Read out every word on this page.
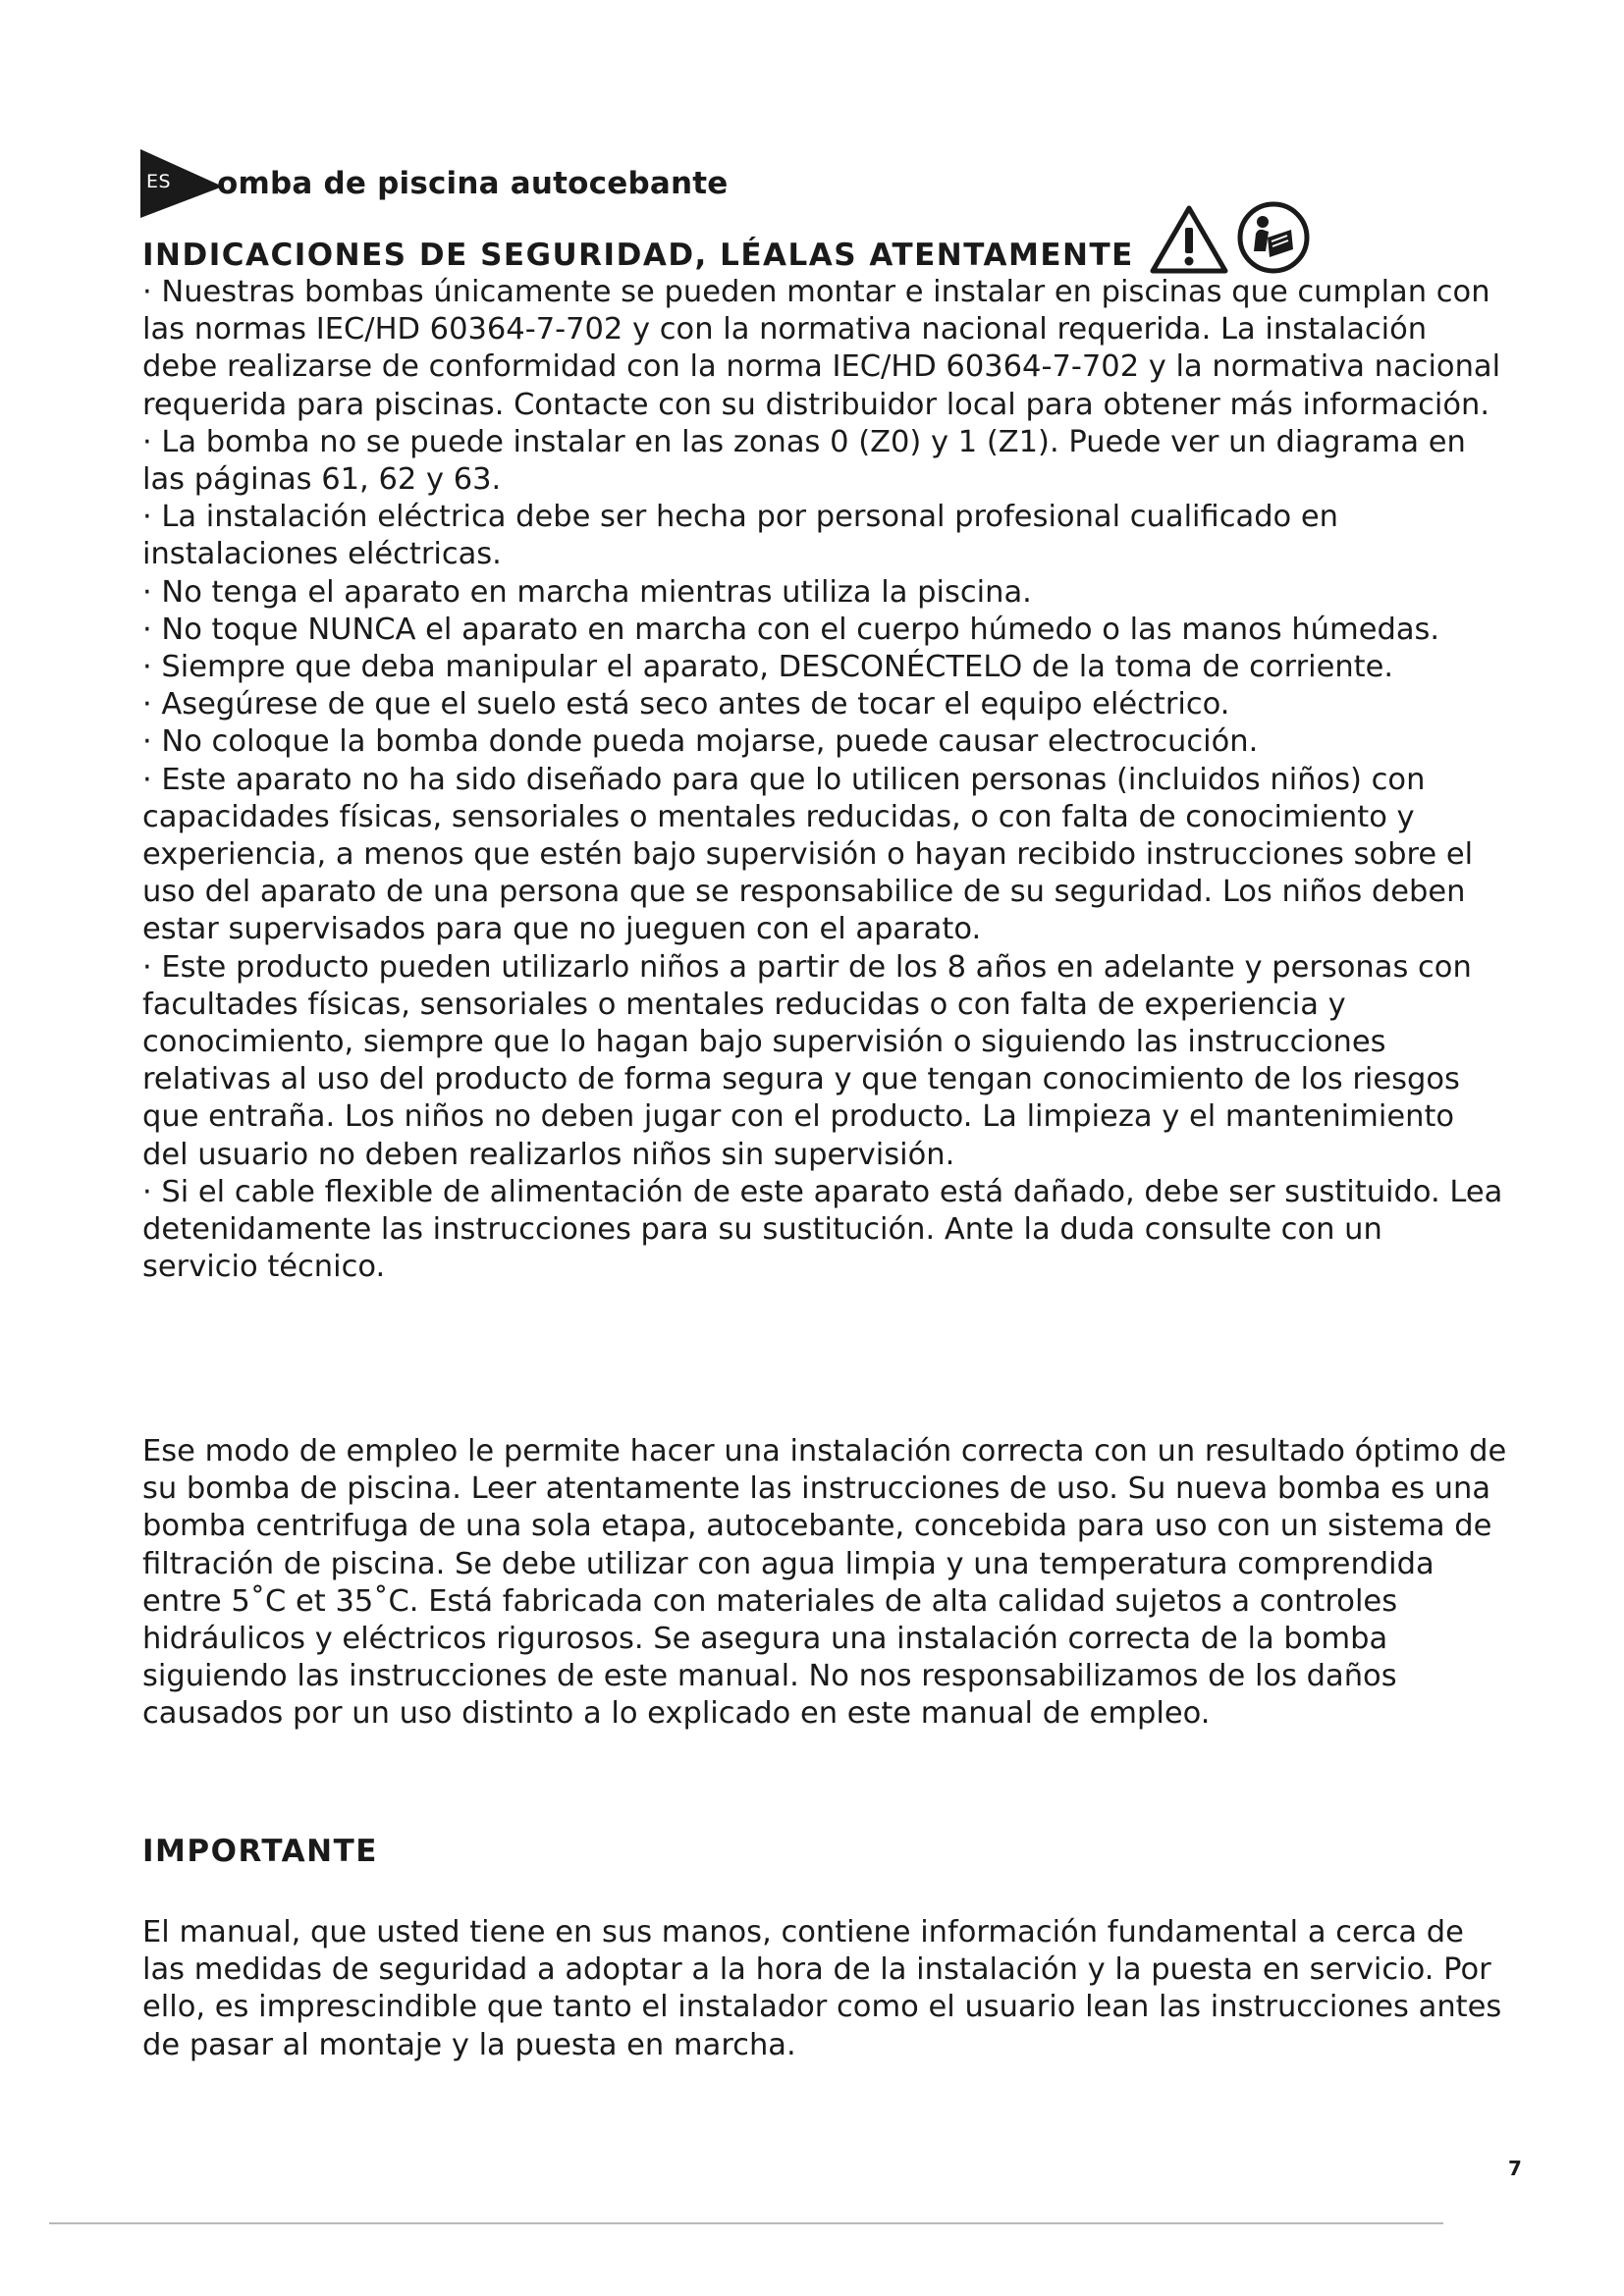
ES omba de piscina autocebante
INDICACIONES DE SEGURIDAD, LÉALAS ATENTAMENTE

· Nuestras bombas únicamente se pueden montar e instalar en piscinas que cumplan con las normas IEC/HD 60364-7-702 y con la normativa nacional requerida. La instalación debe realizarse de conformidad con la norma IEC/HD 60364-7-702 y la normativa nacional requerida para piscinas. Contacte con su distribuidor local para obtener más información.

· La bomba no se puede instalar en las zonas 0 (Z0) y 1 (Z1). Puede ver un diagrama en las páginas 61, 62 y 63.

· La instalación eléctrica debe ser hecha por personal profesional cualificado en instalaciones eléctricas.

· No tenga el aparato en marcha mientras utiliza la piscina.

· No toque NUNCA el aparato en marcha con el cuerpo húmedo o las manos húmedas.

· Siempre que deba manipular el aparato, DESCONÉCTELO de la toma de corriente.

· Asegúrese de que el suelo está seco antes de tocar el equipo eléctrico.

· No coloque la bomba donde pueda mojarse, puede causar electrocución.

· Este aparato no ha sido diseñado para que lo utilicen personas (incluidos niños) con capacidades físicas, sensoriales o mentales reducidas, o con falta de conocimiento y experiencia, a menos que estén bajo supervisión o hayan recibido instrucciones sobre el uso del aparato de una persona que se responsabilice de su seguridad. Los niños deben estar supervisados para que no jueguen con el aparato.

· Este producto pueden utilizarlo niños a partir de los 8 años en adelante y personas con facultades físicas, sensoriales o mentales reducidas o con falta de experiencia y conocimiento, siempre que lo hagan bajo supervisión o siguiendo las instrucciones relativas al uso del producto de forma segura y que tengan conocimiento de los riesgos que entraña. Los niños no deben jugar con el producto. La limpieza y el mantenimiento del usuario no deben realizarlos niños sin supervisión.

· Si el cable ﬂexible de alimentación de este aparato está dañado, debe ser sustituido. Lea detenidamente las instrucciones para su sustitución. Ante la duda consulte con un servicio técnico.

Ese modo de empleo le permite hacer una instalación correcta con un resultado óptimo de su bomba de piscina. Leer atentamente las instrucciones de uso. Su nueva bomba es una bomba centrifuga de una sola etapa, autocebante, concebida para uso con un sistema de filtración de piscina. Se debe utilizar con agua limpia y una temperatura comprendida entre 5˚C et 35˚C. Está fabricada con materiales de alta calidad sujetos a controles hidráulicos y eléctricos rigurosos. Se asegura una instalación correcta de la bomba siguiendo las instrucciones de este manual. No nos responsabilizamos de los daños causados por un uso distinto a lo explicado en este manual de empleo.

IMPORTANTE

El manual, que usted tiene en sus manos, contiene información fundamental a cerca de las medidas de seguridad a adoptar a la hora de la instalación y la puesta en servicio. Por ello, es imprescindible que tanto el instalador como el usuario lean las instrucciones antes de pasar al montaje y la puesta en marcha.

7
